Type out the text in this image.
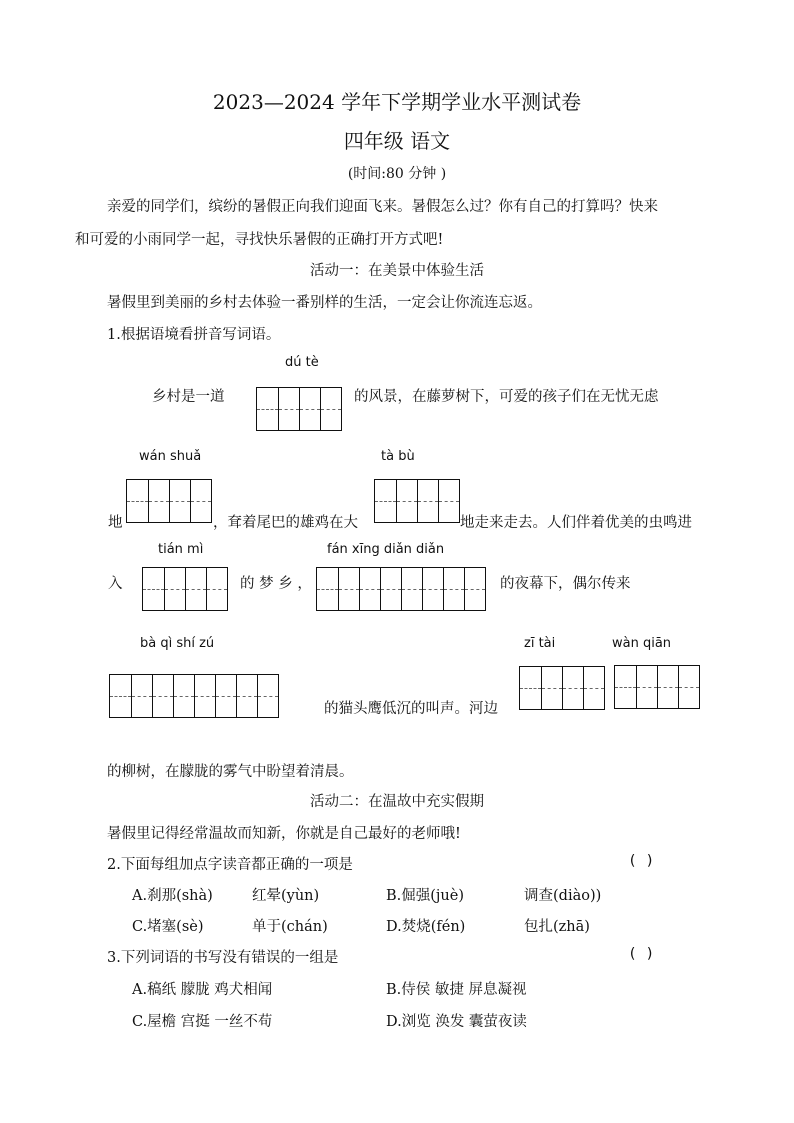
2023—2024 学年下学期学业水平测试卷
四年级 语文
(时间:80 分钟 )
亲爱的同学们，缤纷的暑假正向我们迎面飞来。暑假怎么过？你有自己的打算吗？快来
和可爱的小雨同学一起，寻找快乐暑假的正确打开方式吧!
活动一：在美景中体验生活
暑假里到美丽的乡村去体验一番别样的生活，一定会让你流连忘返。
1.根据语境看拼音写词语。
dú tè
乡村是一道	的风景，在藤萝树下，可爱的孩子们在无忧无虑
wán shuǎ	tà bù
地	，耷着尾巴的雄鸡在大	地走来走去。人们伴着优美的虫鸣进
tián mì	fán xīng diǎn diǎn
入	的 梦 乡 ，	的夜幕下，偶尔传来
bà qì shí zú	zī tài	wàn qiān
的猫头鹰低沉的叫声。河边
的柳树，在朦胧的雾气中盼望着清晨。
活动二：在温故中充实假期
暑假里记得经常温故而知新，你就是自己最好的老师哦!
2.下面每组加点字读音都正确的一项是	( )
A.刹那(shà)	红晕(yùn)	B.倔强(juè)	调查(diào))
C.堵塞(sè)	单于(chán)	D.焚烧(fén)	包扎(zhā)
3.下列词语的书写没有错误的一组是	( )
A.稿纸 朦胧 鸡犬相闻	B.侍侯 敏捷 屏息凝视
C.屋檐 宫挺 一丝不苟	D.浏览 涣发 囊萤夜读
